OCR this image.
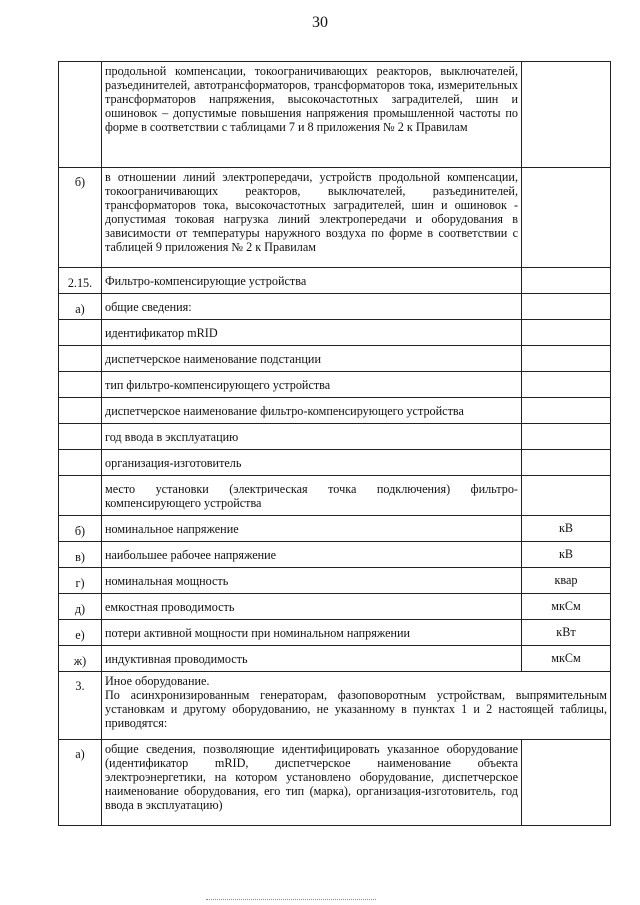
30
	продольной компенсации, токоограничивающих реакторов, выключателей, разъединителей, автотрансформаторов, трансформаторов тока, измерительных трансформаторов напряжения, высокочастотных заградителей, шин и ошиновок – допустимые повышения напряжения промышленной частоты по форме в соответствии с таблицами 7 и 8 приложения № 2 к Правилам	
б)	в отношении линий электропередачи, устройств продольной компенсации, токоограничивающих реакторов, выключателей, разъединителей, трансформаторов тока, высокочастотных заградителей, шин и ошиновок - допустимая токовая нагрузка линий электропередачи и оборудования в зависимости от температуры наружного воздуха по форме в соответствии с таблицей 9 приложения № 2 к Правилам	
2.15.	Фильтро-компенсирующие устройства	
а)	общие сведения:	
	идентификатор mRID	
	диспетчерское наименование подстанции	
	тип фильтро-компенсирующего устройства	
	диспетчерское наименование фильтро-компенсирующего устройства	
	год ввода в эксплуатацию	
	организация-изготовитель	
	место установки (электрическая точка подключения) фильтро-компенсирующего устройства	
б)	номинальное напряжение	кВ
в)	наибольшее рабочее напряжение	кВ
г)	номинальная мощность	квар
д)	емкостная проводимость	мкСм
е)	потери активной мощности при номинальном напряжении	кВт
ж)	индуктивная проводимость	мкСм
3.	Иное оборудование.
По асинхронизированным генераторам, фазоповоротным устройствам, выпрямительным установкам и другому оборудованию, не указанному в пунктах 1 и 2 настоящей таблицы, приводятся:	
а)	общие сведения, позволяющие идентифицировать указанное оборудование (идентификатор mRID, диспетчерское наименование объекта электроэнергетики, на котором установлено оборудование, диспетчерское наименование оборудования, его тип (марка), организация-изготовитель, год ввода в эксплуатацию)	
